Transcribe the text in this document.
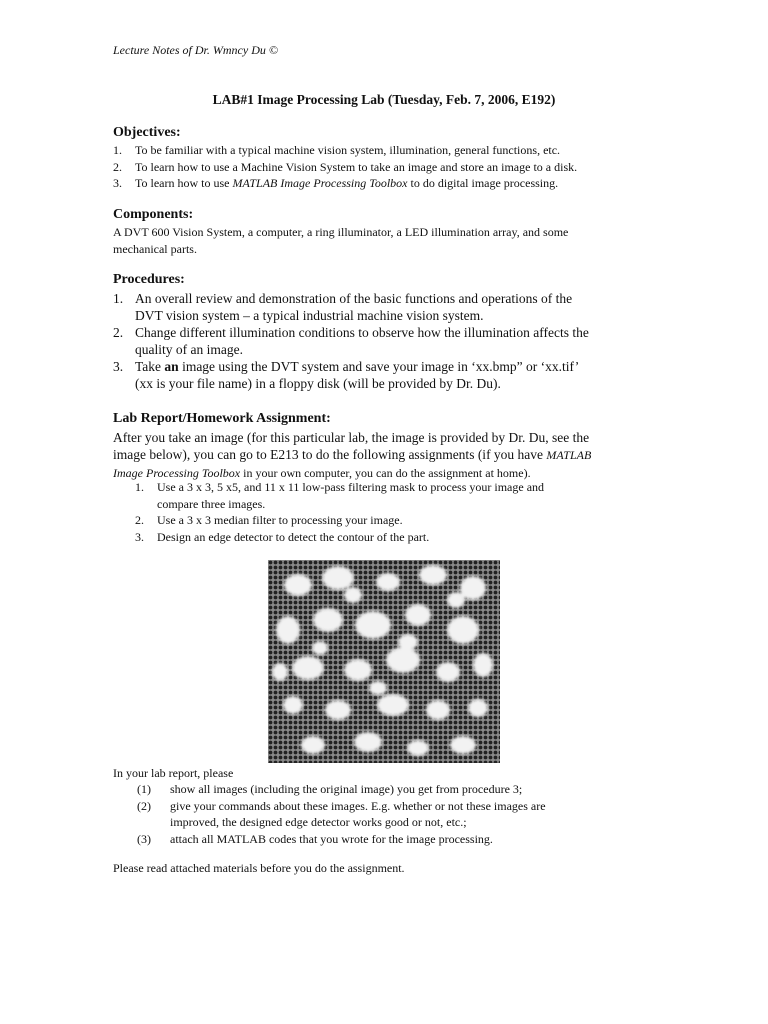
Lecture Notes of Dr. Wmncy Du ©
LAB#1 Image Processing Lab (Tuesday, Feb. 7, 2006, E192)
Objectives:
1. To be familiar with a typical machine vision system, illumination, general functions, etc.
2. To learn how to use a Machine Vision System to take an image and store an image to a disk.
3. To learn how to use MATLAB Image Processing Toolbox to do digital image processing.
Components:
A DVT 600 Vision System, a computer, a ring illuminator, a LED illumination array, and some
mechanical parts.
Procedures:
1. An overall review and demonstration of the basic functions and operations of the
DVT vision system – a typical industrial machine vision system.
2. Change different illumination conditions to observe how the illumination affects the
quality of an image.
3. Take an image using the DVT system and save your image in ‘xx.bmp” or ‘xx.tif’
(xx is your file name) in a floppy disk (will be provided by Dr. Du).
Lab Report/Homework Assignment:
After you take an image (for this particular lab, the image is provided by Dr. Du, see the
image below), you can go to E213 to do the following assignments (if you have MATLAB
Image Processing Toolbox in your own computer, you can do the assignment at home).
1. Use a 3 x 3, 5 x5, and 11 x 11 low-pass filtering mask to process your image and
compare three images.
2. Use a 3 x 3 median filter to processing your image.
3. Design an edge detector to detect the contour of the part.
In your lab report, please
(1) show all images (including the original image) you get from procedure 3;
(2) give your commands about these images. E.g. whether or not these images are
improved, the designed edge detector works good or not, etc.;
(3) attach all MATLAB codes that you wrote for the image processing.
Please read attached materials before you do the assignment.
